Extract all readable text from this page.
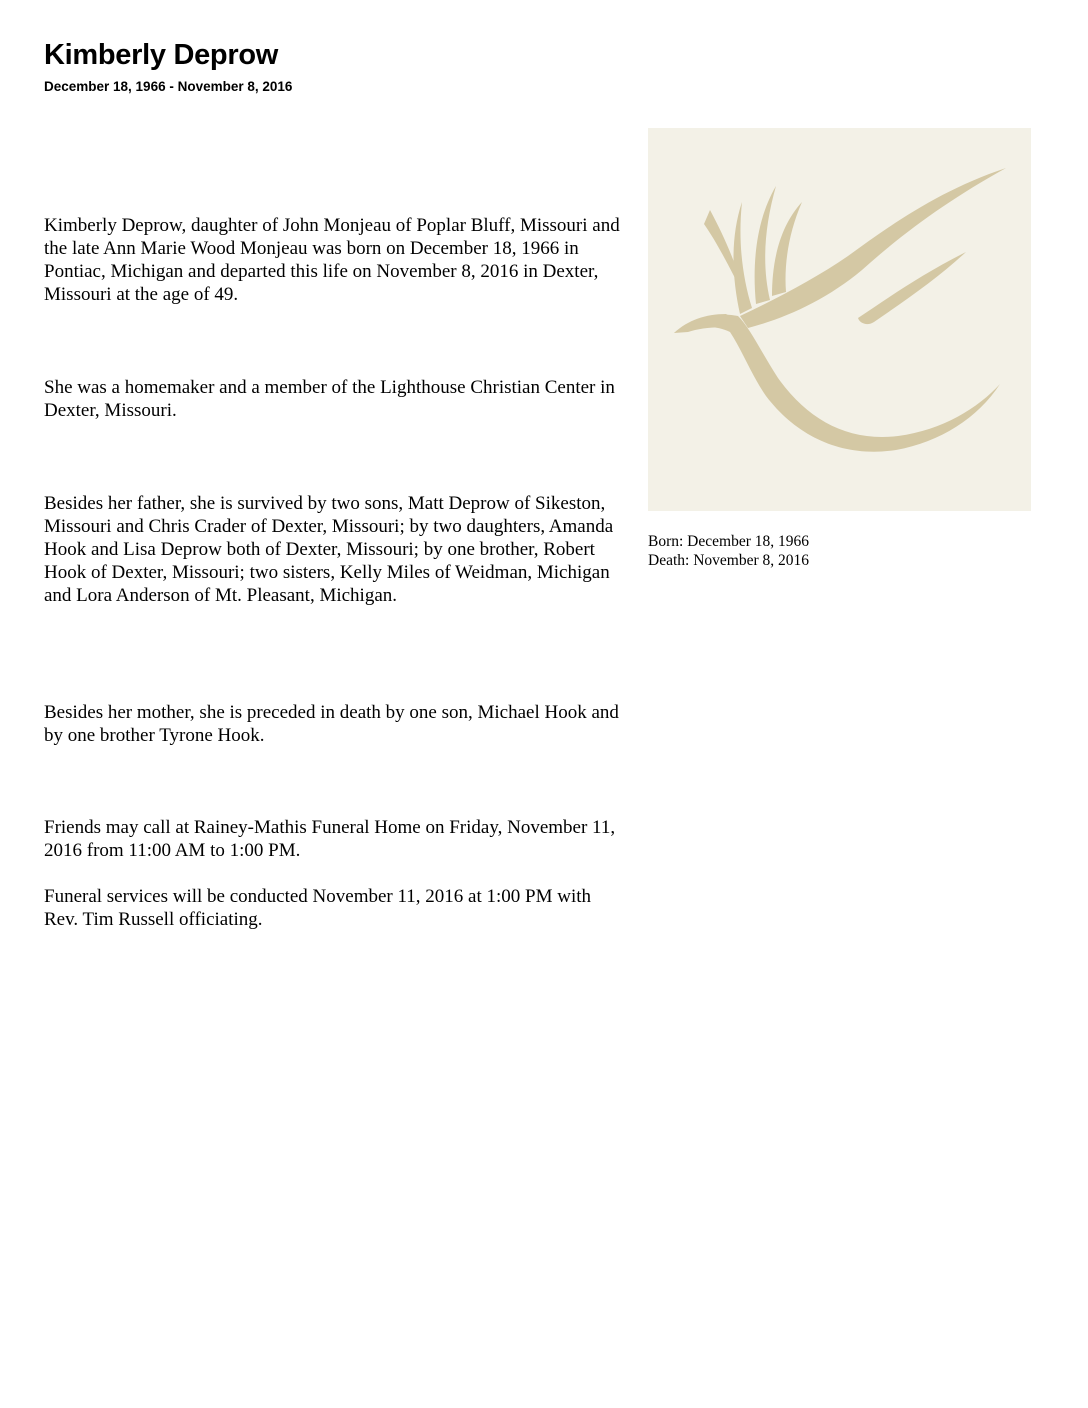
Kimberly Deprow
December 18, 1966 - November 8, 2016

Kimberly Deprow, daughter of John Monjeau of Poplar Bluff, Missouri and the late Ann Marie Wood Monjeau was born on December 18, 1966 in Pontiac, Michigan and departed this life on November 8, 2016 in Dexter, Missouri at the age of 49.

She was a homemaker and a member of the Lighthouse Christian Center in Dexter, Missouri.

Besides her father, she is survived by two sons, Matt Deprow of Sikeston, Missouri and Chris Crader of Dexter, Missouri; by two daughters, Amanda Hook and Lisa Deprow both of Dexter, Missouri; by one brother, Robert Hook of Dexter, Missouri; two sisters, Kelly Miles of Weidman, Michigan and Lora Anderson of Mt. Pleasant, Michigan.

Besides her mother, she is preceded in death by one son, Michael Hook and by one brother Tyrone Hook.

Friends may call at Rainey-Mathis Funeral Home on Friday, November 11, 2016 from 11:00 AM to 1:00 PM.

Funeral services will be conducted November 11, 2016 at 1:00 PM with Rev. Tim Russell officiating.

Born: December 18, 1966
Death: November 8, 2016
